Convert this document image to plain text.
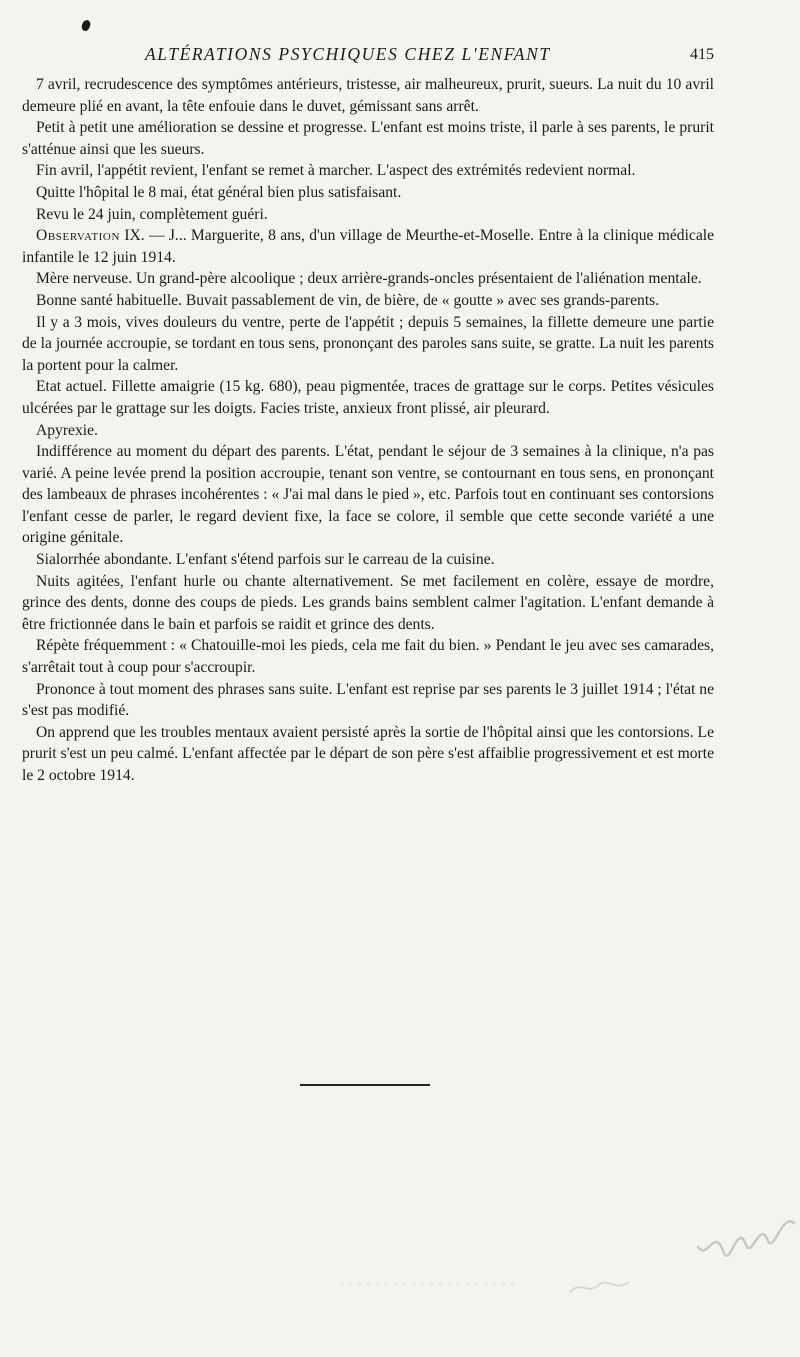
ALTÉRATIONS PSYCHIQUES CHEZ L'ENFANT	415

7 avril, recrudescence des symptômes antérieurs, tristesse, air malheureux, prurit, sueurs. La nuit du 10 avril demeure plié en avant, la tête enfouie dans le duvet, gémissant sans arrêt.

Petit à petit une amélioration se dessine et progresse. L'enfant est moins triste, il parle à ses parents, le prurit s'atténue ainsi que les sueurs.

Fin avril, l'appétit revient, l'enfant se remet à marcher. L'aspect des extrémités redevient normal.

Quitte l'hôpital le 8 mai, état général bien plus satisfaisant.

Revu le 24 juin, complètement guéri.

Observation IX. — J... Marguerite, 8 ans, d'un village de Meurthe-et-Moselle. Entre à la clinique médicale infantile le 12 juin 1914.

Mère nerveuse. Un grand-père alcoolique ; deux arrière-grands-oncles présentaient de l'aliénation mentale.

Bonne santé habituelle. Buvait passablement de vin, de bière, de « goutte » avec ses grands-parents.

Il y a 3 mois, vives douleurs du ventre, perte de l'appétit ; depuis 5 semaines, la fillette demeure une partie de la journée accroupie, se tordant en tous sens, prononçant des paroles sans suite, se gratte. La nuit les parents la portent pour la calmer.

Etat actuel. Fillette amaigrie (15 kg. 680), peau pigmentée, traces de grattage sur le corps. Petites vésicules ulcérées par le grattage sur les doigts. Facies triste, anxieux front plissé, air pleurard.

Apyrexie.

Indifférence au moment du départ des parents. L'état, pendant le séjour de 3 semaines à la clinique, n'a pas varié. A peine levée prend la position accroupie, tenant son ventre, se contournant en tous sens, en prononçant des lambeaux de phrases incohérentes : « J'ai mal dans le pied », etc. Parfois tout en continuant ses contorsions l'enfant cesse de parler, le regard devient fixe, la face se colore, il semble que cette seconde variété a une origine génitale.

Sialorrhée abondante. L'enfant s'étend parfois sur le carreau de la cuisine.

Nuits agitées, l'enfant hurle ou chante alternativement. Se met facilement en colère, essaye de mordre, grince des dents, donne des coups de pieds. Les grands bains semblent calmer l'agitation. L'enfant demande à être frictionnée dans le bain et parfois se raidit et grince des dents.

Répète fréquemment : « Chatouille-moi les pieds, cela me fait du bien. » Pendant le jeu avec ses camarades, s'arrêtait tout à coup pour s'accroupir.

Prononce à tout moment des phrases sans suite. L'enfant est reprise par ses parents le 3 juillet 1914 ; l'état ne s'est pas modifié.

On apprend que les troubles mentaux avaient persisté après la sortie de l'hôpital ainsi que les contorsions. Le prurit s'est un peu calmé. L'enfant affectée par le départ de son père s'est affaiblie progressivement et est morte le 2 octobre 1914.
